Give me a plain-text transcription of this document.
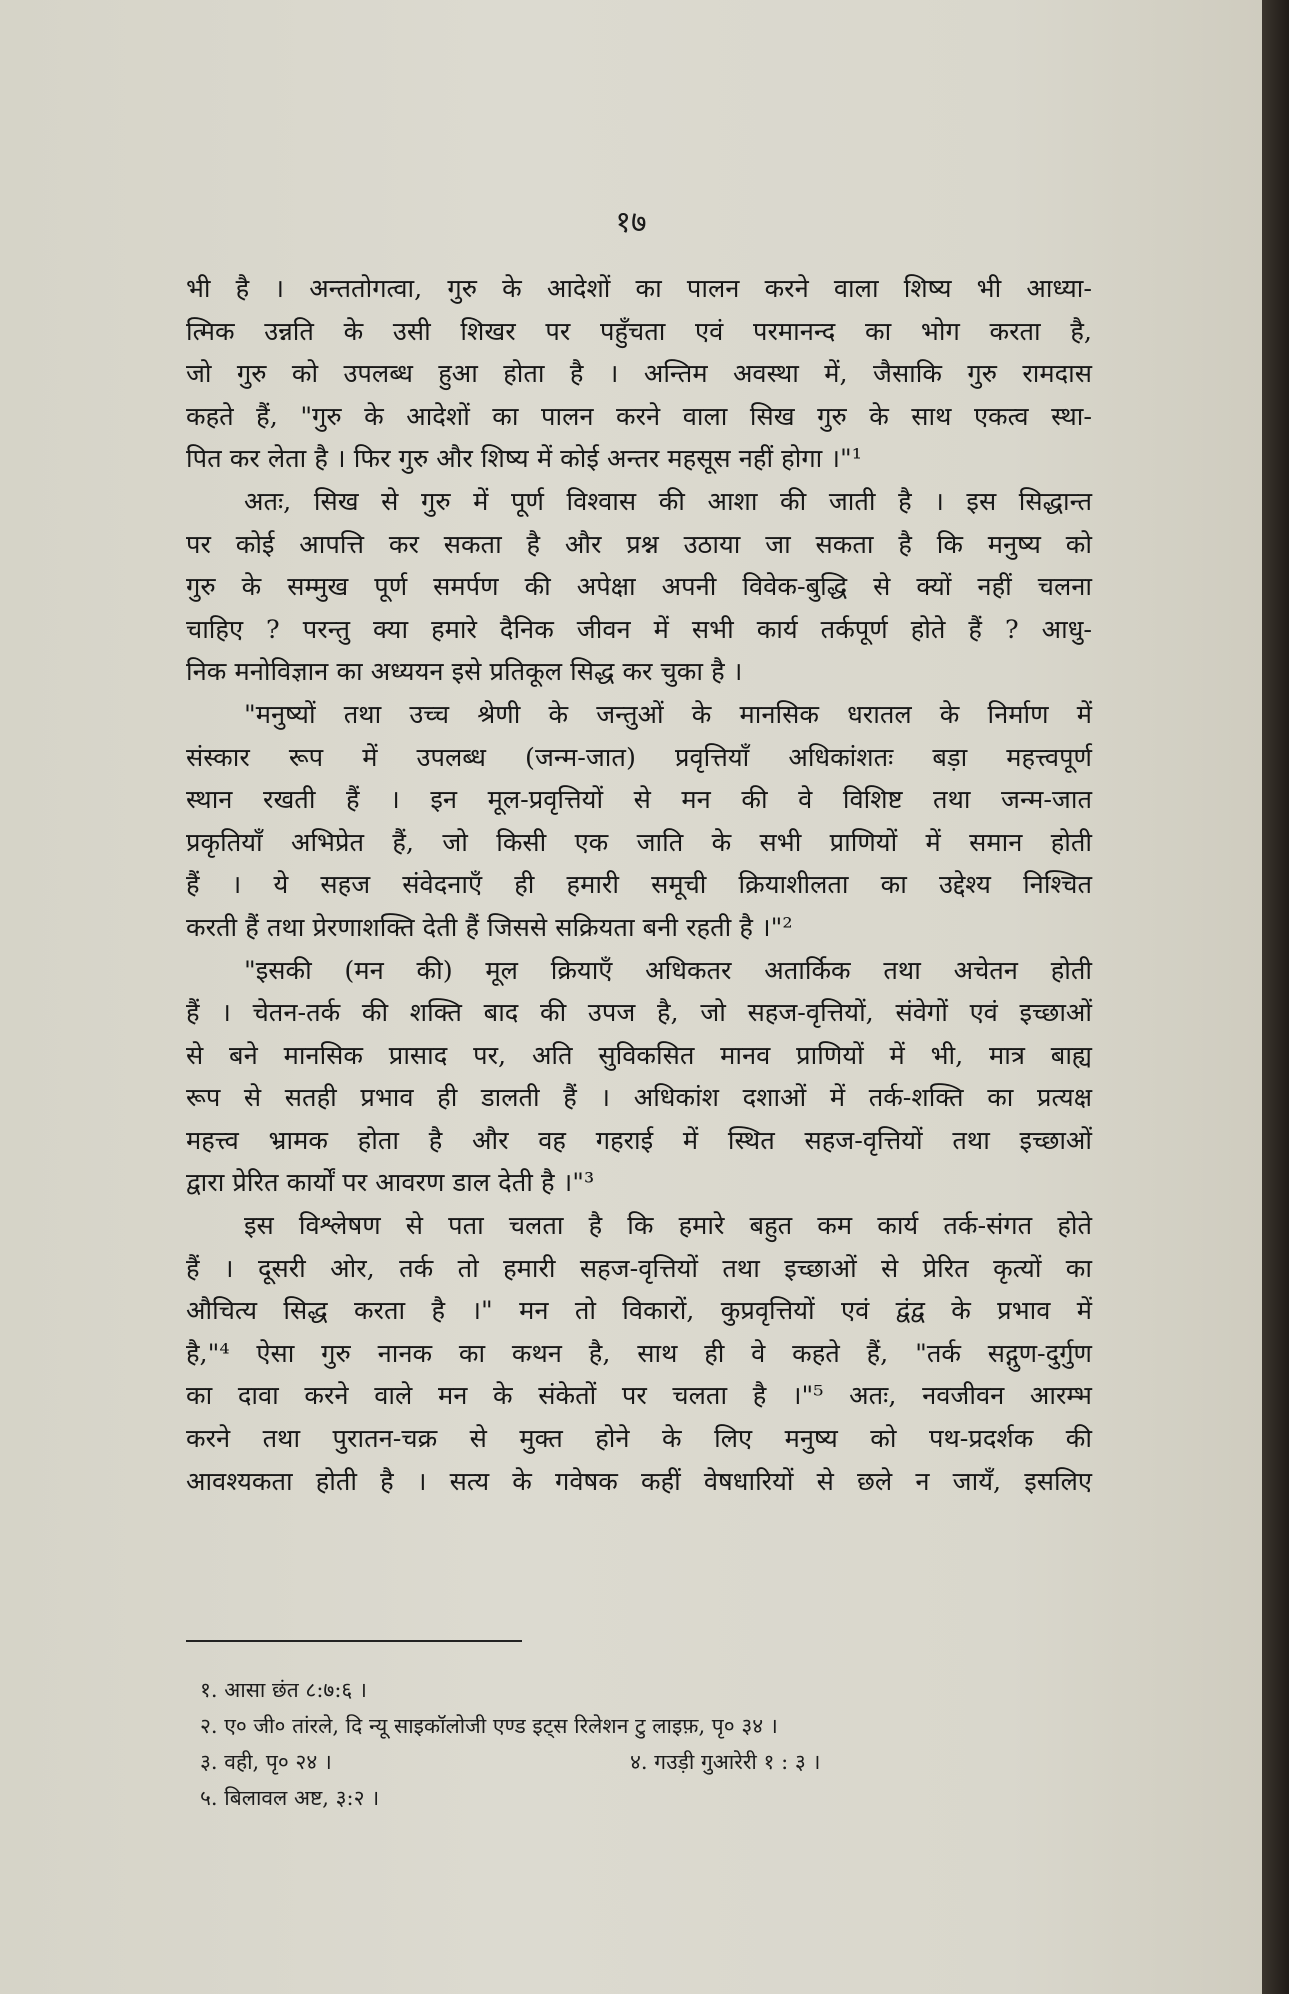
१७

भी है । अन्ततोगत्वा, गुरु के आदेशों का पालन करने वाला शिष्य भी आध्या-
त्मिक उन्नति के उसी शिखर पर पहुँचता एवं परमानन्द का भोग करता है,
जो गुरु को उपलब्ध हुआ होता है । अन्तिम अवस्था में, जैसाकि गुरु रामदास
कहते हैं, "गुरु के आदेशों का पालन करने वाला सिख गुरु के साथ एकत्व स्था-
पित कर लेता है । फिर गुरु और शिष्य में कोई अन्तर महसूस नहीं होगा ।"¹

अतः, सिख से गुरु में पूर्ण विश्वास की आशा की जाती है । इस सिद्धान्त
पर कोई आपत्ति कर सकता है और प्रश्न उठाया जा सकता है कि मनुष्य को
गुरु के सम्मुख पूर्ण समर्पण की अपेक्षा अपनी विवेक-बुद्धि से क्यों नहीं चलना
चाहिए ? परन्तु क्या हमारे दैनिक जीवन में सभी कार्य तर्कपूर्ण होते हैं ? आधु-
निक मनोविज्ञान का अध्ययन इसे प्रतिकूल सिद्ध कर चुका है ।

"मनुष्यों तथा उच्च श्रेणी के जन्तुओं के मानसिक धरातल के निर्माण में
संस्कार रूप में उपलब्ध (जन्म-जात) प्रवृत्तियाँ अधिकांशतः बड़ा महत्त्वपूर्ण
स्थान रखती हैं । इन मूल-प्रवृत्तियों से मन की वे विशिष्ट तथा जन्म-जात
प्रकृतियाँ अभिप्रेत हैं, जो किसी एक जाति के सभी प्राणियों में समान होती
हैं । ये सहज संवेदनाएँ ही हमारी समूची क्रियाशीलता का उद्देश्य निश्चित
करती हैं तथा प्रेरणाशक्ति देती हैं जिससे सक्रियता बनी रहती है ।"²

"इसकी (मन की) मूल क्रियाएँ अधिकतर अतार्किक तथा अचेतन होती
हैं । चेतन-तर्क की शक्ति बाद की उपज है, जो सहज-वृत्तियों, संवेगों एवं इच्छाओं
से बने मानसिक प्रासाद पर, अति सुविकसित मानव प्राणियों में भी, मात्र बाह्य
रूप से सतही प्रभाव ही डालती हैं । अधिकांश दशाओं में तर्क-शक्ति का प्रत्यक्ष
महत्त्व भ्रामक होता है और वह गहराई में स्थित सहज-वृत्तियों तथा इच्छाओं
द्वारा प्रेरित कार्यों पर आवरण डाल देती है ।"³

इस विश्लेषण से पता चलता है कि हमारे बहुत कम कार्य तर्क-संगत होते
हैं । दूसरी ओर, तर्क तो हमारी सहज-वृत्तियों तथा इच्छाओं से प्रेरित कृत्यों का
औचित्य सिद्ध करता है ।" मन तो विकारों, कुप्रवृत्तियों एवं द्वंद्व के प्रभाव में
है,"⁴ ऐसा गुरु नानक का कथन है, साथ ही वे कहते हैं, "तर्क सद्गुण-दुर्गुण
का दावा करने वाले मन के संकेतों पर चलता है ।"⁵ अतः, नवजीवन आरम्भ
करने तथा पुरातन-चक्र से मुक्त होने के लिए मनुष्य को पथ-प्रदर्शक की
आवश्यकता होती है । सत्य के गवेषक कहीं वेषधारियों से छले न जायँ, इसलिए

१. आसा छंत ८:७:६ ।
२. ए० जी० तांरले, दि न्यू साइकॉलोजी एण्ड इट्स रिलेशन टु लाइफ़, पृ० ३४ ।
३. वही, पृ० २४ ।	४. गउड़ी गुआरेरी १ : ३ ।
५. बिलावल अष्ट, ३:२ ।
